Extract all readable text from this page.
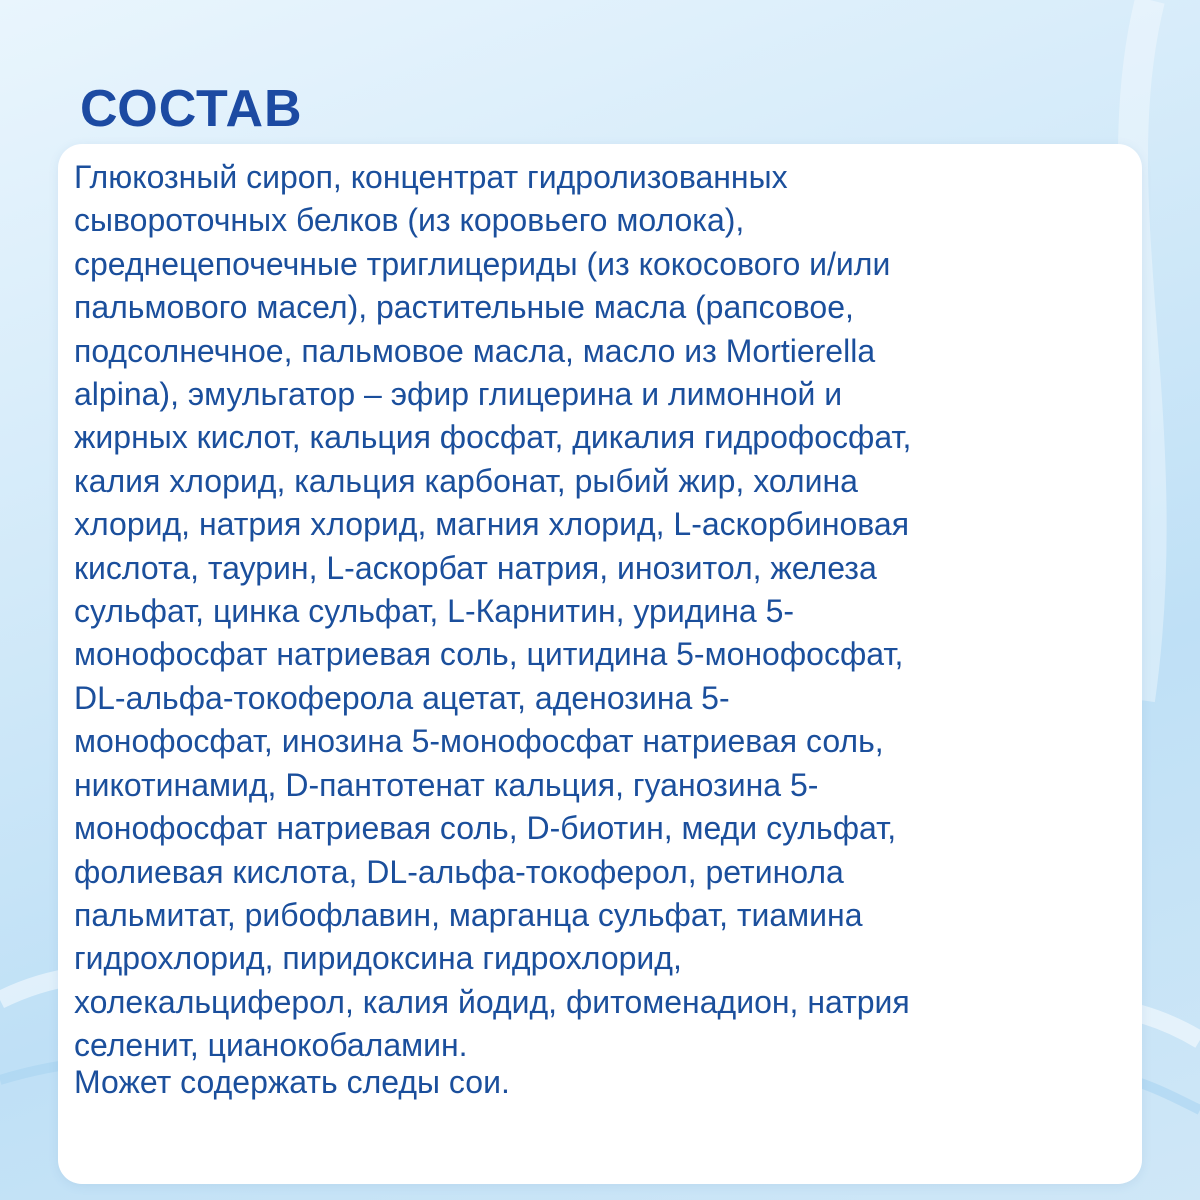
СОСТАВ

Глюкозный сироп, концентрат гидролизованных
сывороточных белков (из коровьего молока),
среднецепочечные триглицериды (из кокосового и/или
пальмового масел), растительные масла (рапсовое,
подсолнечное, пальмовое масла, масло из Mortierella
alpina), эмульгатор – эфир глицерина и лимонной и
жирных кислот, кальция фосфат, дикалия гидрофосфат,
калия хлорид, кальция карбонат, рыбий жир, холина
хлорид, натрия хлорид, магния хлорид, L-аскорбиновая
кислота, таурин, L-аскорбат натрия, инозитол, железа
сульфат, цинка сульфат, L-Карнитин, уридина 5-
монофосфат натриевая соль, цитидина 5-монофосфат,
DL-альфа-токоферола ацетат, аденозина 5-
монофосфат, инозина 5-монофосфат натриевая соль,
никотинамид, D-пантотенат кальция, гуанозина 5-
монофосфат натриевая соль, D-биотин, меди сульфат,
фолиевая кислота, DL-альфа-токоферол, ретинола
пальмитат, рибофлавин, марганца сульфат, тиамина
гидрохлорид, пиридоксина гидрохлорид,
холекальциферол, калия йодид, фитоменадион, натрия
селенит, цианокобаламин.

Может содержать следы сои.
